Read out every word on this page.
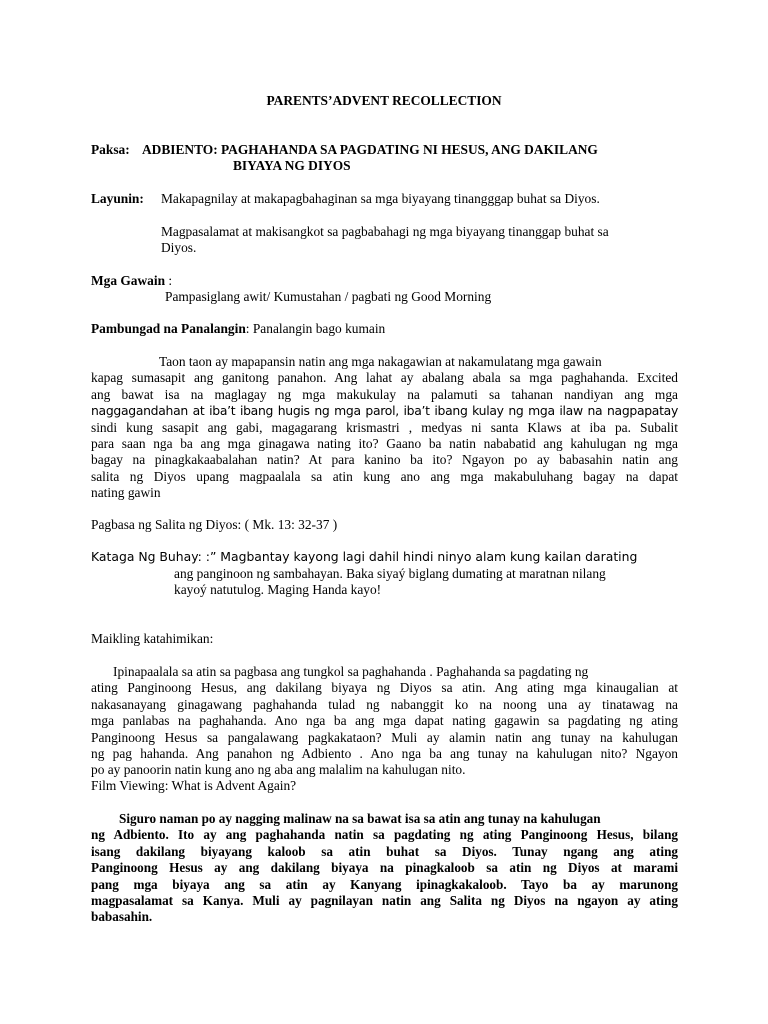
PARENTS’ADVENT RECOLLECTION
Paksa: ADBIENTO: PAGHAHANDA SA PAGDATING NI HESUS, ANG DAKILANG
BIYAYA NG DIYOS
Layunin: Makapagnilay at makapagbahaginan sa mga biyayang tinangggap buhat sa Diyos.
Magpasalamat at makisangkot sa pagbabahagi ng mga biyayang tinanggap buhat sa
Diyos.
Mga Gawain :
Pampasiglang awit/ Kumustahan / pagbati ng Good Morning
Pambungad na Panalangin: Panalangin bago kumain
Taon taon ay mapapansin natin ang mga nakagawian at nakamulatang mga gawain
kapag sumasapit ang ganitong panahon. Ang lahat ay abalang abala sa mga paghahanda. Excited
ang bawat isa na maglagay ng mga makukulay na palamuti sa tahanan nandiyan ang mga
naggagandahan at iba’t ibang hugis ng mga parol, iba’t ibang kulay ng mga ilaw na nagpapatay
sindi kung sasapit ang gabi, magagarang krismastri , medyas ni santa Klaws at iba pa. Subalit
para saan nga ba ang mga ginagawa nating ito? Gaano ba natin nababatid ang kahulugan ng mga
bagay na pinagkakaabalahan natin? At para kanino ba ito? Ngayon po ay babasahin natin ang
salita ng Diyos upang magpaalala sa atin kung ano ang mga makabuluhang bagay na dapat
nating gawin
Pagbasa ng Salita ng Diyos: ( Mk. 13: 32-37 )
Kataga Ng Buhay: :” Magbantay kayong lagi dahil hindi ninyo alam kung kailan darating
ang panginoon ng sambahayan. Baka siyaý biglang dumating at maratnan nilang
kayoý natutulog. Maging Handa kayo!
Maikling katahimikan:
Ipinapaalala sa atin sa pagbasa ang tungkol sa paghahanda . Paghahanda sa pagdating ng
ating Panginoong Hesus, ang dakilang biyaya ng Diyos sa atin. Ang ating mga kinaugalian at
nakasanayang ginagawang paghahanda tulad ng nabanggit ko na noong una ay tinatawag na
mga panlabas na paghahanda. Ano nga ba ang mga dapat nating gagawin sa pagdating ng ating
Panginoong Hesus sa pangalawang pagkakataon? Muli ay alamin natin ang tunay na kahulugan
ng pag hahanda. Ang panahon ng Adbiento . Ano nga ba ang tunay na kahulugan nito? Ngayon
po ay panoorin natin kung ano ng aba ang malalim na kahulugan nito.
Film Viewing: What is Advent Again?
Siguro naman po ay nagging malinaw na sa bawat isa sa atin ang tunay na kahulugan
ng Adbiento. Ito ay ang paghahanda natin sa pagdating ng ating Panginoong Hesus, bilang
isang dakilang biyayang kaloob sa atin buhat sa Diyos. Tunay ngang ang ating
Panginoong Hesus ay ang dakilang biyaya na pinagkaloob sa atin ng Diyos at marami
pang mga biyaya ang sa atin ay Kanyang ipinagkakaloob. Tayo ba ay marunong
magpasalamat sa Kanya. Muli ay pagnilayan natin ang Salita ng Diyos na ngayon ay ating
babasahin.
